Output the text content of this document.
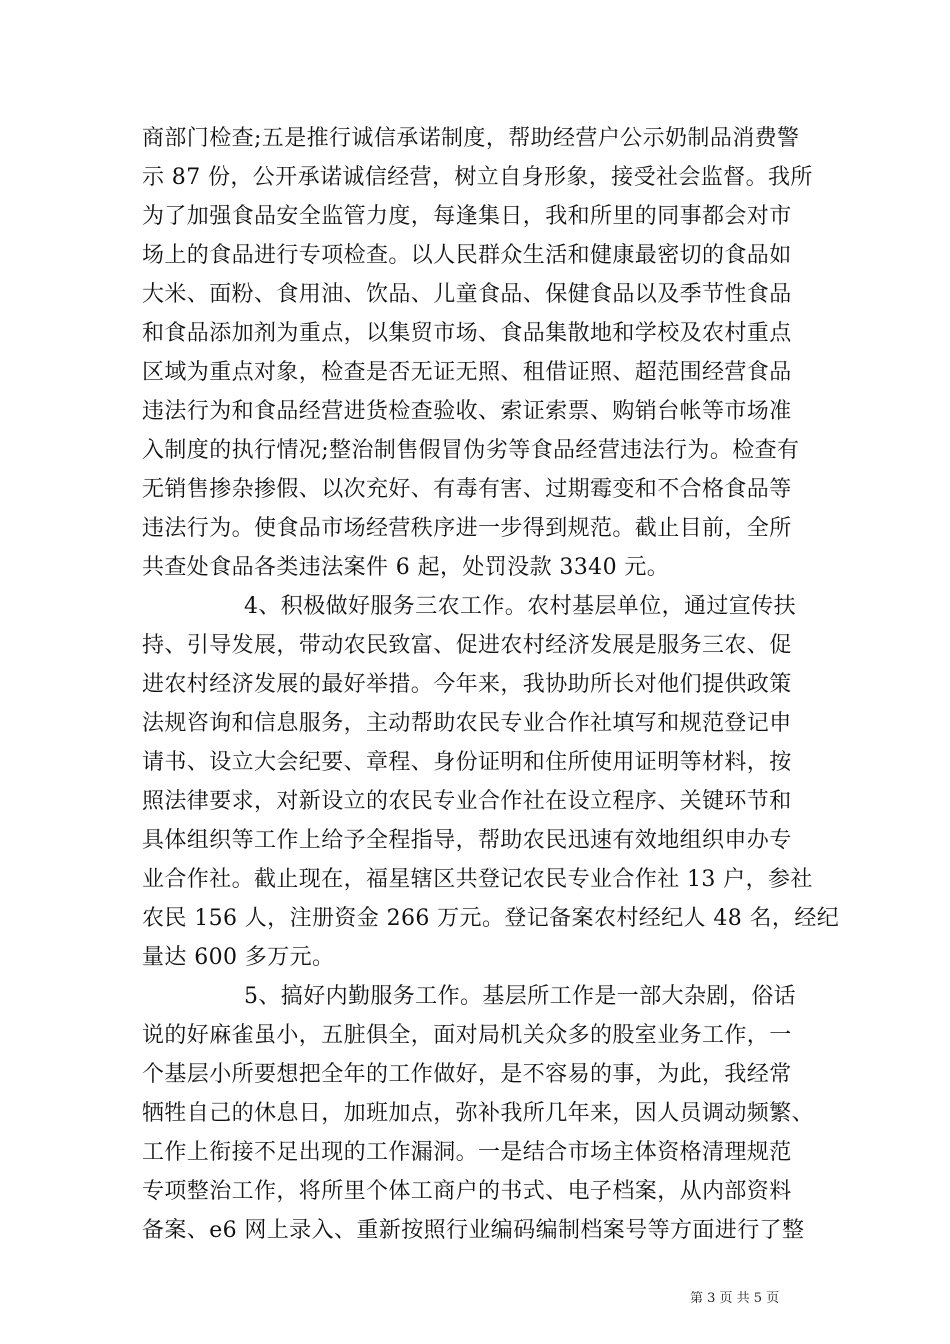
商部门检查;五是推行诚信承诺制度，帮助经营户公示奶制品消费警
示 87 份，公开承诺诚信经营，树立自身形象，接受社会监督。我所
为了加强食品安全监管力度，每逢集日，我和所里的同事都会对市
场上的食品进行专项检查。以人民群众生活和健康最密切的食品如
大米、面粉、食用油、饮品、儿童食品、保健食品以及季节性食品
和食品添加剂为重点，以集贸市场、食品集散地和学校及农村重点
区域为重点对象，检查是否无证无照、租借证照、超范围经营食品
违法行为和食品经营进货检查验收、索证索票、购销台帐等市场准
入制度的执行情况;整治制售假冒伪劣等食品经营违法行为。检查有
无销售掺杂掺假、以次充好、有毒有害、过期霉变和不合格食品等
违法行为。使食品市场经营秩序进一步得到规范。截止目前，全所
共查处食品各类违法案件 6 起，处罚没款 3340 元。
4、积极做好服务三农工作。农村基层单位，通过宣传扶
持、引导发展，带动农民致富、促进农村经济发展是服务三农、促
进农村经济发展的最好举措。今年来，我协助所长对他们提供政策
法规咨询和信息服务，主动帮助农民专业合作社填写和规范登记申
请书、设立大会纪要、章程、身份证明和住所使用证明等材料，按
照法律要求，对新设立的农民专业合作社在设立程序、关键环节和
具体组织等工作上给予全程指导，帮助农民迅速有效地组织申办专
业合作社。截止现在，福星辖区共登记农民专业合作社 13 户，参社
农民 156 人，注册资金 266 万元。登记备案农村经纪人 48 名，经纪
量达 600 多万元。
5、搞好内勤服务工作。基层所工作是一部大杂剧，俗话
说的好麻雀虽小，五脏俱全，面对局机关众多的股室业务工作，一
个基层小所要想把全年的工作做好，是不容易的事，为此，我经常
牺牲自己的休息日，加班加点，弥补我所几年来，因人员调动频繁、
工作上衔接不足出现的工作漏洞。一是结合市场主体资格清理规范
专项整治工作，将所里个体工商户的书式、电子档案，从内部资料
备案、e6 网上录入、重新按照行业编码编制档案号等方面进行了整
第 3 页 共 5 页
